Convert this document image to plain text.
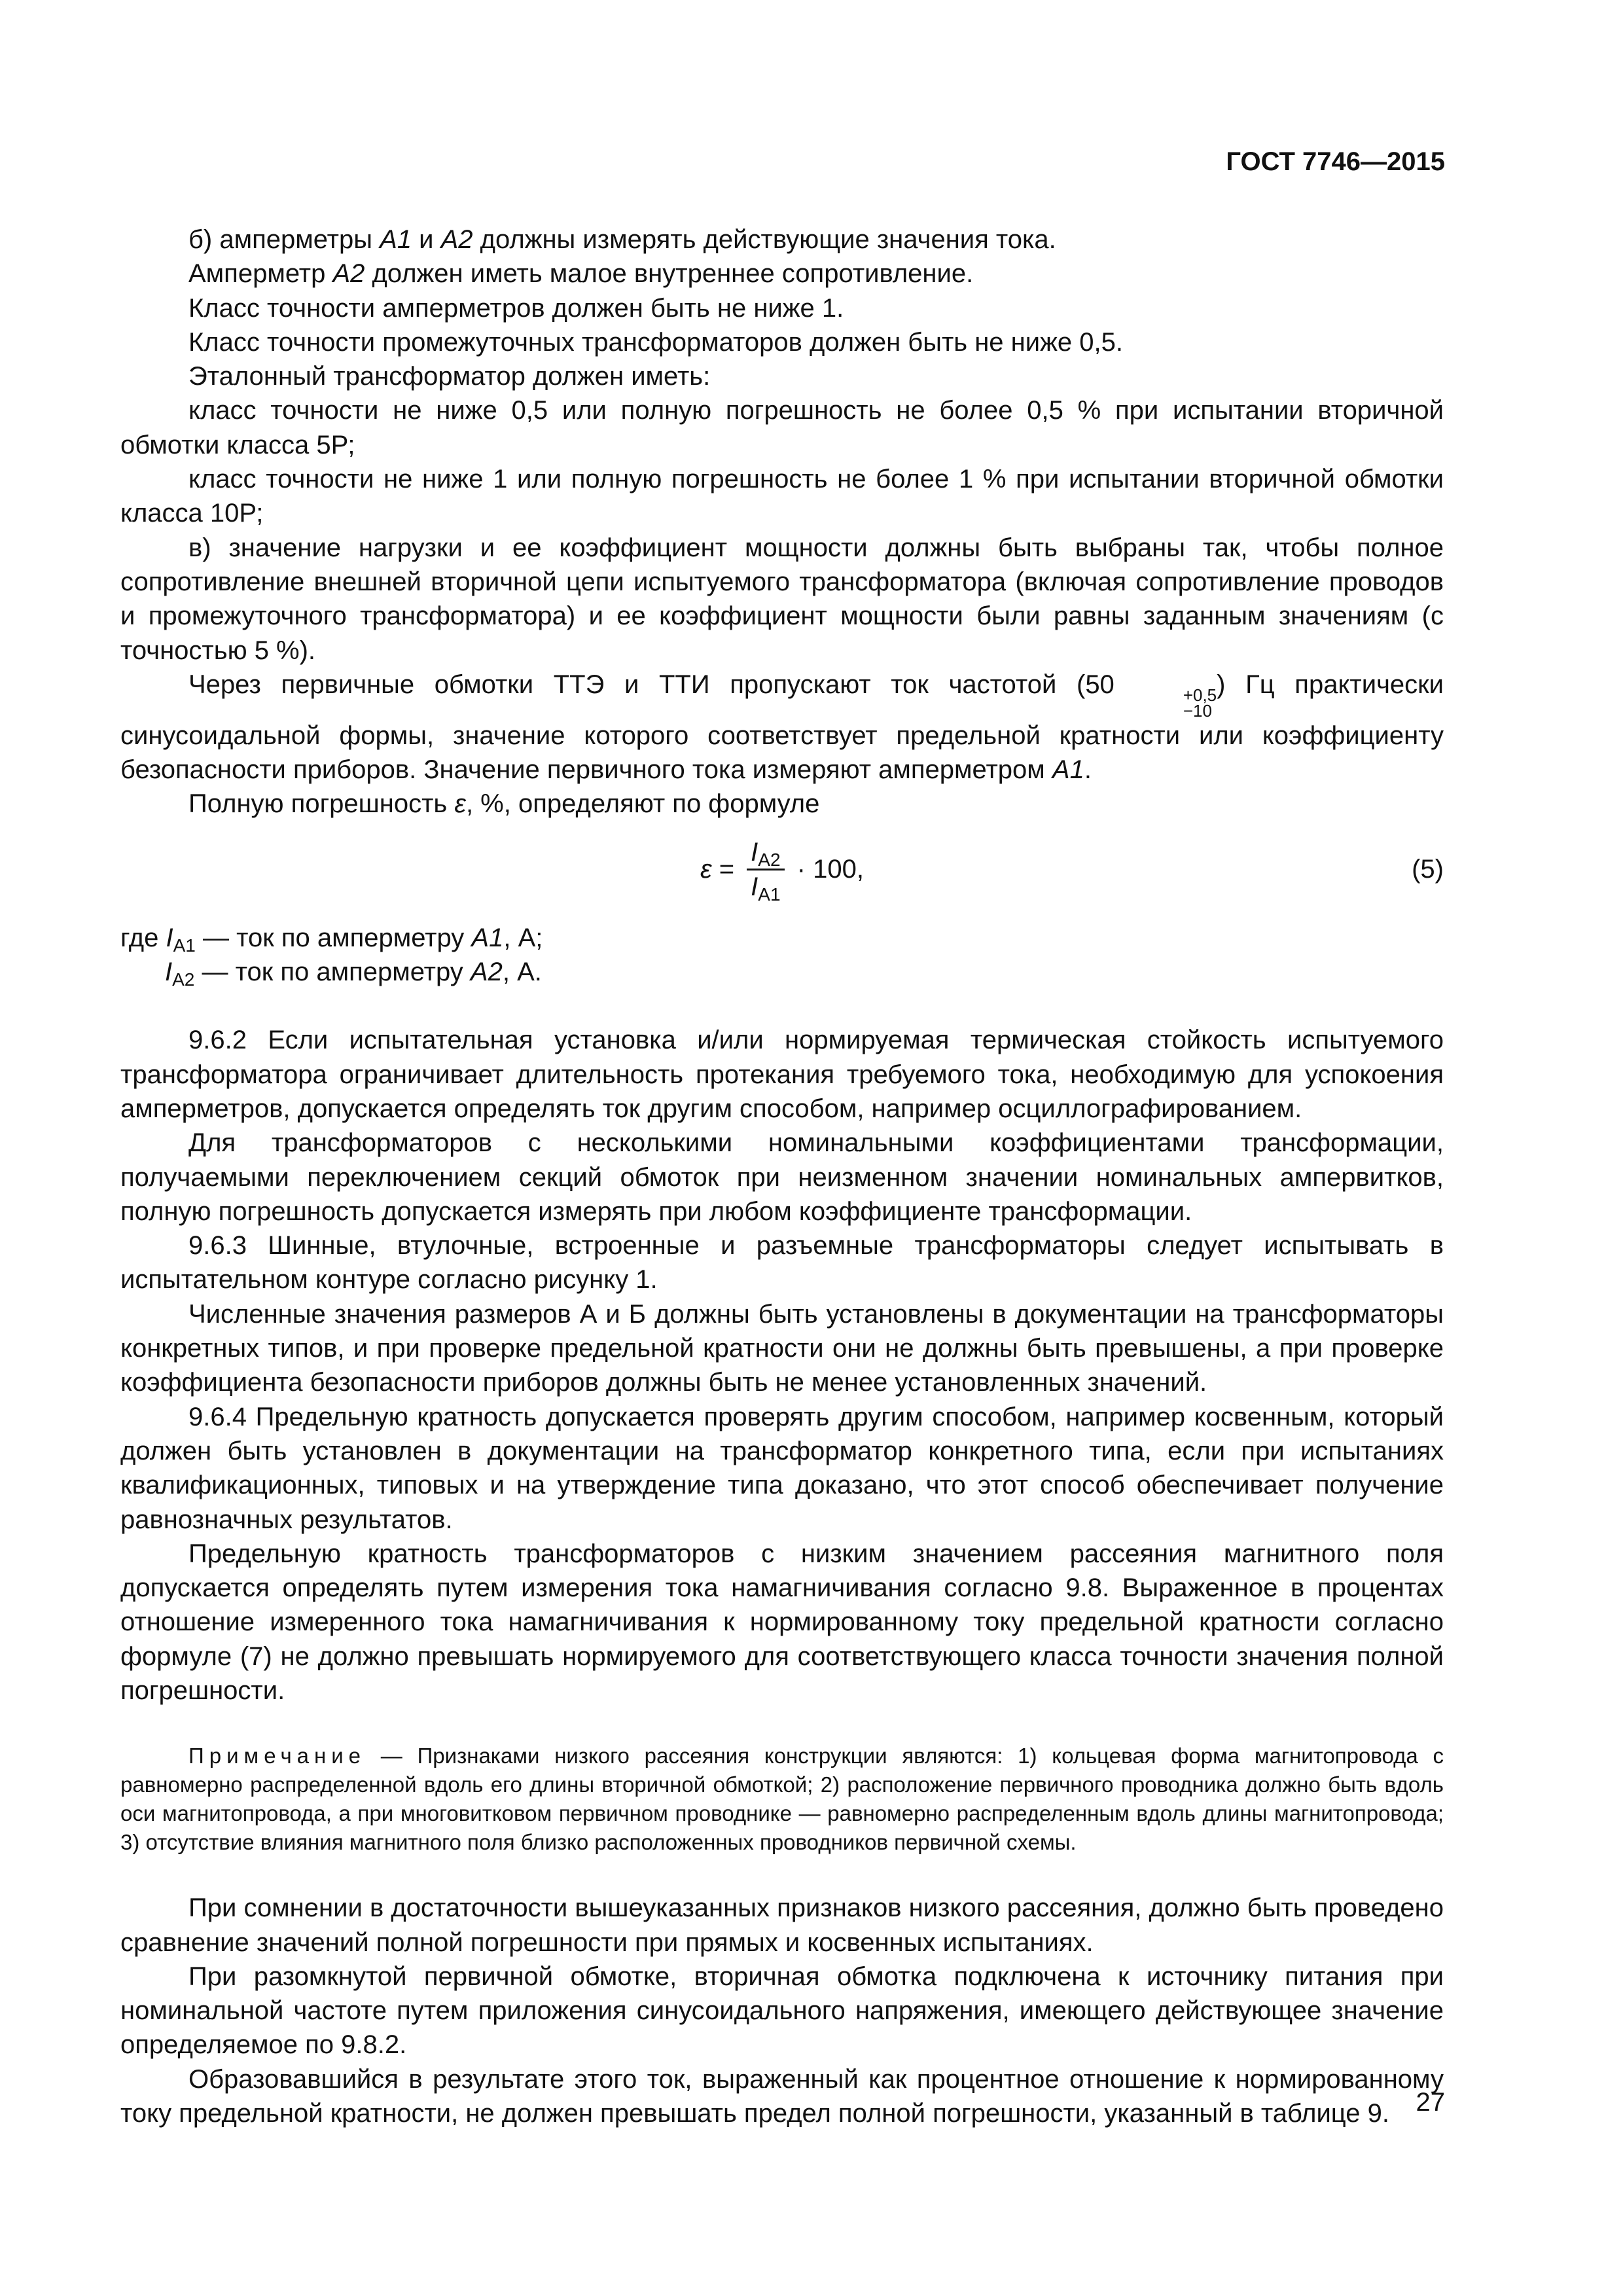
ГОСТ 7746—2015

б) амперметры А1 и А2 должны измерять действующие значения тока.

Амперметр А2 должен иметь малое внутреннее сопротивление.

Класс точности амперметров должен быть не ниже 1.

Класс точности промежуточных трансформаторов должен быть не ниже 0,5.

Эталонный трансформатор должен иметь:

класс точности не ниже 0,5 или полную погрешность не более 0,5 % при испытании вторичной обмотки класса 5Р;

класс точности не ниже 1 или полную погрешность не более 1 % при испытании вторичной обмотки класса 10Р;

в) значение нагрузки и ее коэффициент мощности должны быть выбраны так, чтобы полное сопротивление внешней вторичной цепи испытуемого трансформатора (включая сопротивление проводов и промежуточного трансформатора) и ее коэффициент мощности были равны заданным значениям (с точностью 5 %).

Через первичные обмотки ТТЭ и ТТИ пропускают ток частотой (50	+0,5
−10
) Гц практически синусоидальной формы, значение которого соответствует предельной кратности или коэффициенту безопасности приборов. Значение первичного тока измеряют амперметром А1.

Полную погрешность ε, %, определяют по формуле

$\varepsilon = \frac{I_{A2}}{I_{A1}} \cdot 100$,	(5)
где $I_{A1}$ — ток по амперметру А1, А;
$I_{A2}$ — ток по амперметру А2, А.

9.6.2 Если испытательная установка и/или нормируемая термическая стойкость испытуемого трансформатора ограничивает длительность протекания требуемого тока, необходимую для успокоения амперметров, допускается определять ток другим способом, например осциллографированием.

Для трансформаторов с несколькими номинальными коэффициентами трансформации, получаемыми переключением секций обмоток при неизменном значении номинальных ампервитков, полную погрешность допускается измерять при любом коэффициенте трансформации.

9.6.3 Шинные, втулочные, встроенные и разъемные трансформаторы следует испытывать в испытательном контуре согласно рисунку 1.

Численные значения размеров А и Б должны быть установлены в документации на трансформаторы конкретных типов, и при проверке предельной кратности они не должны быть превышены, а при проверке коэффициента безопасности приборов должны быть не менее установленных значений.

9.6.4 Предельную кратность допускается проверять другим способом, например косвенным, который должен быть установлен в документации на трансформатор конкретного типа, если при испытаниях квалификационных, типовых и на утверждение типа доказано, что этот способ обеспечивает получение равнозначных результатов.

Предельную кратность трансформаторов с низким значением рассеяния магнитного поля допускается определять путем измерения тока намагничивания согласно 9.8. Выраженное в процентах отношение измеренного тока намагничивания к нормированному току предельной кратности согласно формуле (7) не должно превышать нормируемого для соответствующего класса точности значения полной погрешности.

Примечание — Признаками низкого рассеяния конструкции являются: 1) кольцевая форма магнитопровода с равномерно распределенной вдоль его длины вторичной обмоткой; 2) расположение первичного проводника должно быть вдоль оси магнитопровода, а при многовитковом первичном проводнике — равномерно распределенным вдоль длины магнитопровода; 3) отсутствие влияния магнитного поля близко расположенных проводников первичной схемы.

При сомнении в достаточности вышеуказанных признаков низкого рассеяния, должно быть проведено сравнение значений полной погрешности при прямых и косвенных испытаниях.

При разомкнутой первичной обмотке, вторичная обмотка подключена к источнику питания при номинальной частоте путем приложения синусоидального напряжения, имеющего действующее значение определяемое по 9.8.2.

Образовавшийся в результате этого ток, выраженный как процентное отношение к нормированному току предельной кратности, не должен превышать предел полной погрешности, указанный в таблице 9.	27
